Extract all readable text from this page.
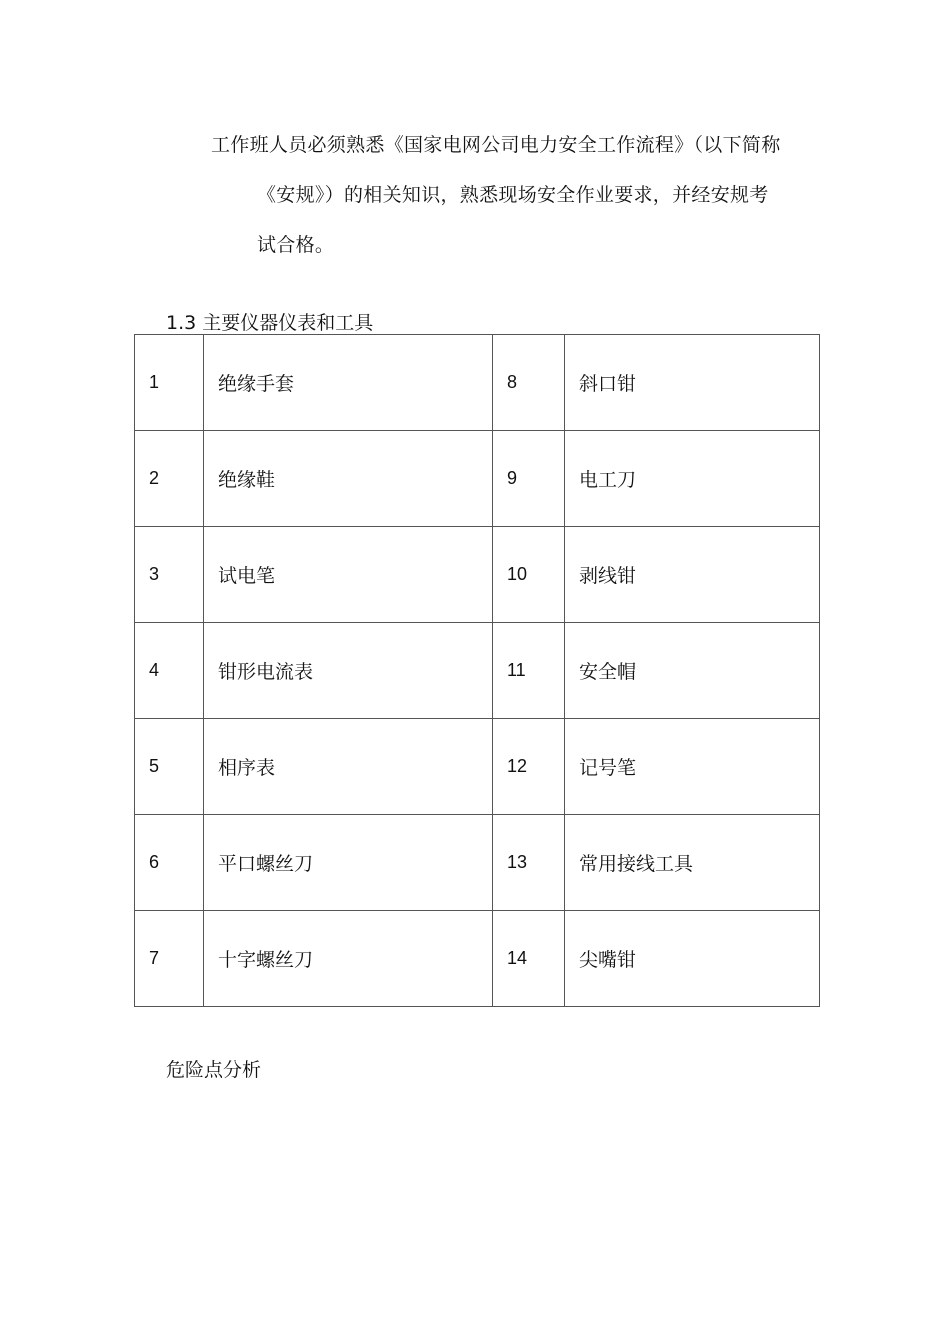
工作班人员必须熟悉《国家电网公司电力安全工作流程》（以下简称
《安规》）的相关知识，熟悉现场安全作业要求，并经安规考
试合格。
1.3 主要仪器仪表和工具
1	绝缘手套	8	斜口钳
2	绝缘鞋	9	电工刀
3	试电笔	10	剥线钳
4	钳形电流表	11	安全帽
5	相序表	12	记号笔
6	平口螺丝刀	13	常用接线工具
7	十字螺丝刀	14	尖嘴钳
危险点分析
